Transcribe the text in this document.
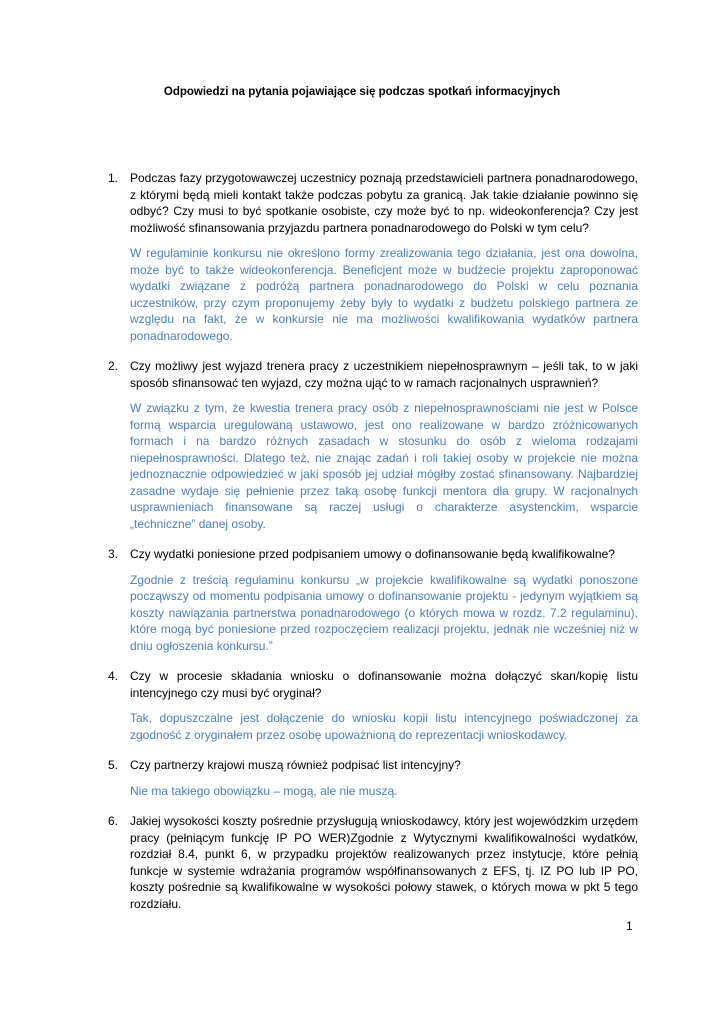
Odpowiedzi na pytania pojawiające się podczas spotkań informacyjnych

1. Podczas fazy przygotowawczej uczestnicy poznają przedstawicieli partnera ponadnarodowego, z którymi będą mieli kontakt także podczas pobytu za granicą. Jak takie działanie powinno się odbyć? Czy musi to być spotkanie osobiste, czy może być to np. wideokonferencja? Czy jest możliwość sfinansowania przyjazdu partnera ponadnarodowego do Polski w tym celu?

W regulaminie konkursu nie określono formy zrealizowania tego działania, jest ona dowolna, może być to także wideokonferencja. Beneficjent może w budżecie projektu zaproponować wydatki związane z podróżą partnera ponadnarodowego do Polski w celu poznania uczestników, przy czym proponujemy żeby były to wydatki z budżetu polskiego partnera ze względu na fakt, że w konkursie nie ma możliwości kwalifikowania wydatków partnera ponadnarodowego.

2. Czy możliwy jest wyjazd trenera pracy z uczestnikiem niepełnosprawnym – jeśli tak, to w jaki sposób sfinansować ten wyjazd, czy można ująć to w ramach racjonalnych usprawnień?

W związku z tym, że kwestia trenera pracy osób z niepełnosprawnościami nie jest w Polsce formą wsparcia uregulowaną ustawowo, jest ono realizowane w bardzo zróżnicowanych formach i na bardzo różnych zasadach w stosunku do osób z wieloma rodzajami niepełnosprawności. Dlatego też, nie znając zadań i roli takiej osoby w projekcie nie można jednoznacznie odpowiedzieć w jaki sposób jej udział mógłby zostać sfinansowany. Najbardziej zasadne wydaje się pełnienie przez taką osobę funkcji mentora dla grupy. W racjonalnych usprawnieniach finansowane są raczej usługi o charakterze asystenckim, wsparcie „techniczne” danej osoby.

3. Czy wydatki poniesione przed podpisaniem umowy o dofinansowanie będą kwalifikowalne?

Zgodnie z treścią regulaminu konkursu „w projekcie kwalifikowalne są wydatki ponoszone począwszy od momentu podpisania umowy o dofinansowanie projektu - jedynym wyjątkiem są koszty nawiązania partnerstwa ponadnarodowego (o których mowa w rozdz. 7.2 regulaminu), które mogą być poniesione przed rozpoczęciem realizacji projektu, jednak nie wcześniej niż w dniu ogłoszenia konkursu.”

4. Czy w procesie składania wniosku o dofinansowanie można dołączyć skan/kopię listu intencyjnego czy musi być oryginał?

Tak, dopuszczalne jest dołączenie do wniosku kopii listu intencyjnego poświadczonej za zgodność z oryginałem przez osobę upoważnioną do reprezentacji wnioskodawcy.

5. Czy partnerzy krajowi muszą również podpisać list intencyjny?

Nie ma takiego obowiązku – mogą, ale nie muszą.

6. Jakiej wysokości koszty pośrednie przysługują wnioskodawcy, który jest wojewódzkim urzędem pracy (pełniącym funkcję IP PO WER)Zgodnie z Wytycznymi kwalifikowalności wydatków, rozdział 8.4, punkt 6, w przypadku projektów realizowanych przez instytucje, które pełnią funkcje w systemie wdrażania programów współfinansowanych z EFS, tj. IZ PO lub IP PO, koszty pośrednie są kwalifikowalne w wysokości połowy stawek, o których mowa w pkt 5 tego rozdziału.

1
